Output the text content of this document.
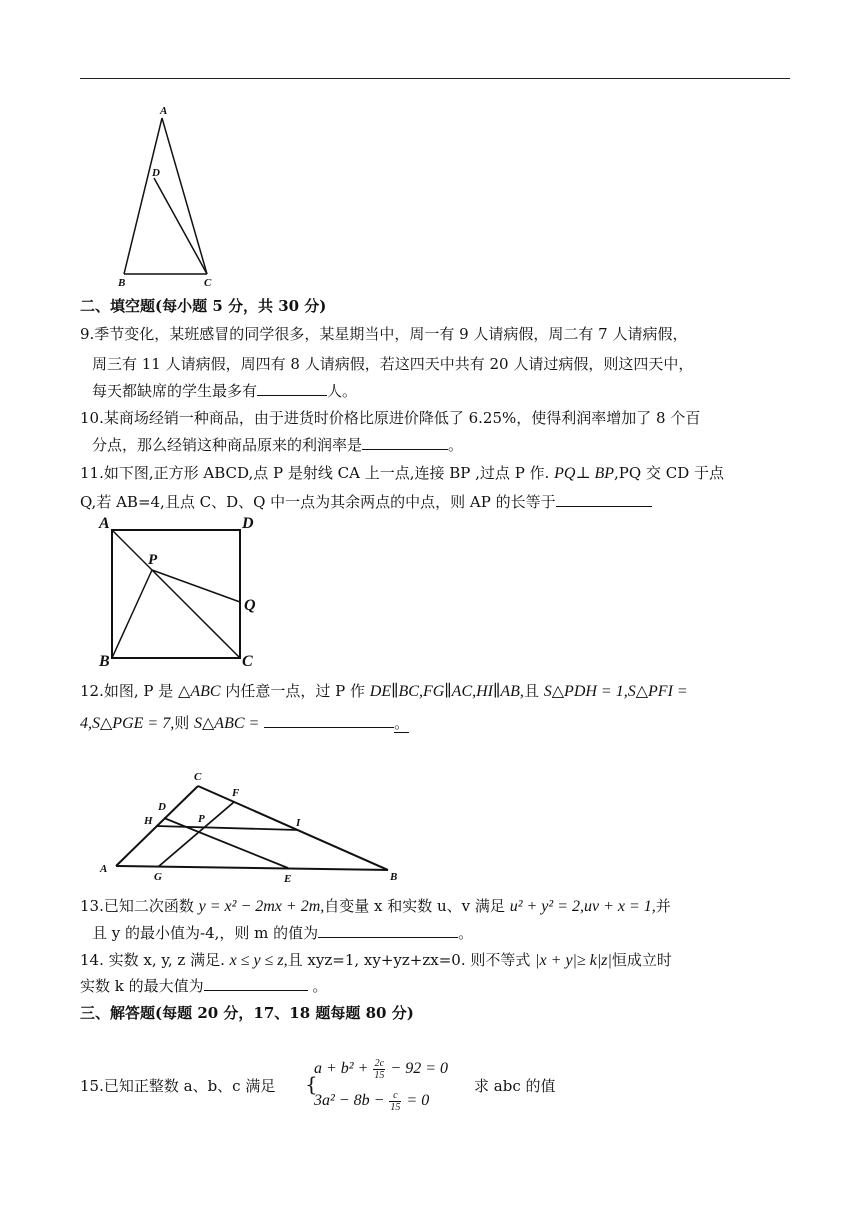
A
D
B	C
二、填空题(每小题 5 分，共 30 分)
9.季节变化，某班感冒的同学很多，某星期当中，周一有 9 人请病假，周二有 7 人请病假，
周三有 11 人请病假，周四有 8 人请病假，若这四天中共有 20 人请过病假，则这四天中，
每天都缺席的学生最多有	人。
10.某商场经销一种商品，由于进货时价格比原进价降低了 6.25%，使得利润率增加了 8 个百
分点，那么经销这种商品原来的利润率是	。
11.如下图,正方形 ABCD,点 P 是射线 CA 上一点,连接 BP ,过点 P 作. PQ⊥ BP,PQ 交 CD 于点
Q,若 AB=4,且点 C、D、Q 中一点为其余两点的中点，则 AP 的长等于
A	D
P
Q
B	C
12.如图, P 是 △ABC 内任意一点，过 P 作 DE∥BC,FG∥AC,HI∥AB,且 S△PDH = 1,S△PFI =
4,S△PGE = 7,则 S△ABC =	。
C
F
D
H	P	I
A
G	E	B
13.已知二次函数 y = x² − 2mx + 2m,自变量 x 和实数 u、v 满足 u² + y² = 2,uv + x = 1,并
且 y 的最小值为-4,，则 m 的值为	。
14. 实数 x, y, z 满足. x ≤ y ≤ z,且 xyz=1, xy+yz+zx=0. 则不等式 |x + y|≥ k|z|恒成立时
实数 k 的最大值为	。
三、解答题(每题 20 分，17、18 题每题 80 分)
15.已知正整数 a、b、c 满足 {
$a + b^2 + \frac{2c}{15} - 92 = 0$
$3a^2 - 8b - \frac{c}{15} = 0$
求 abc 的值
